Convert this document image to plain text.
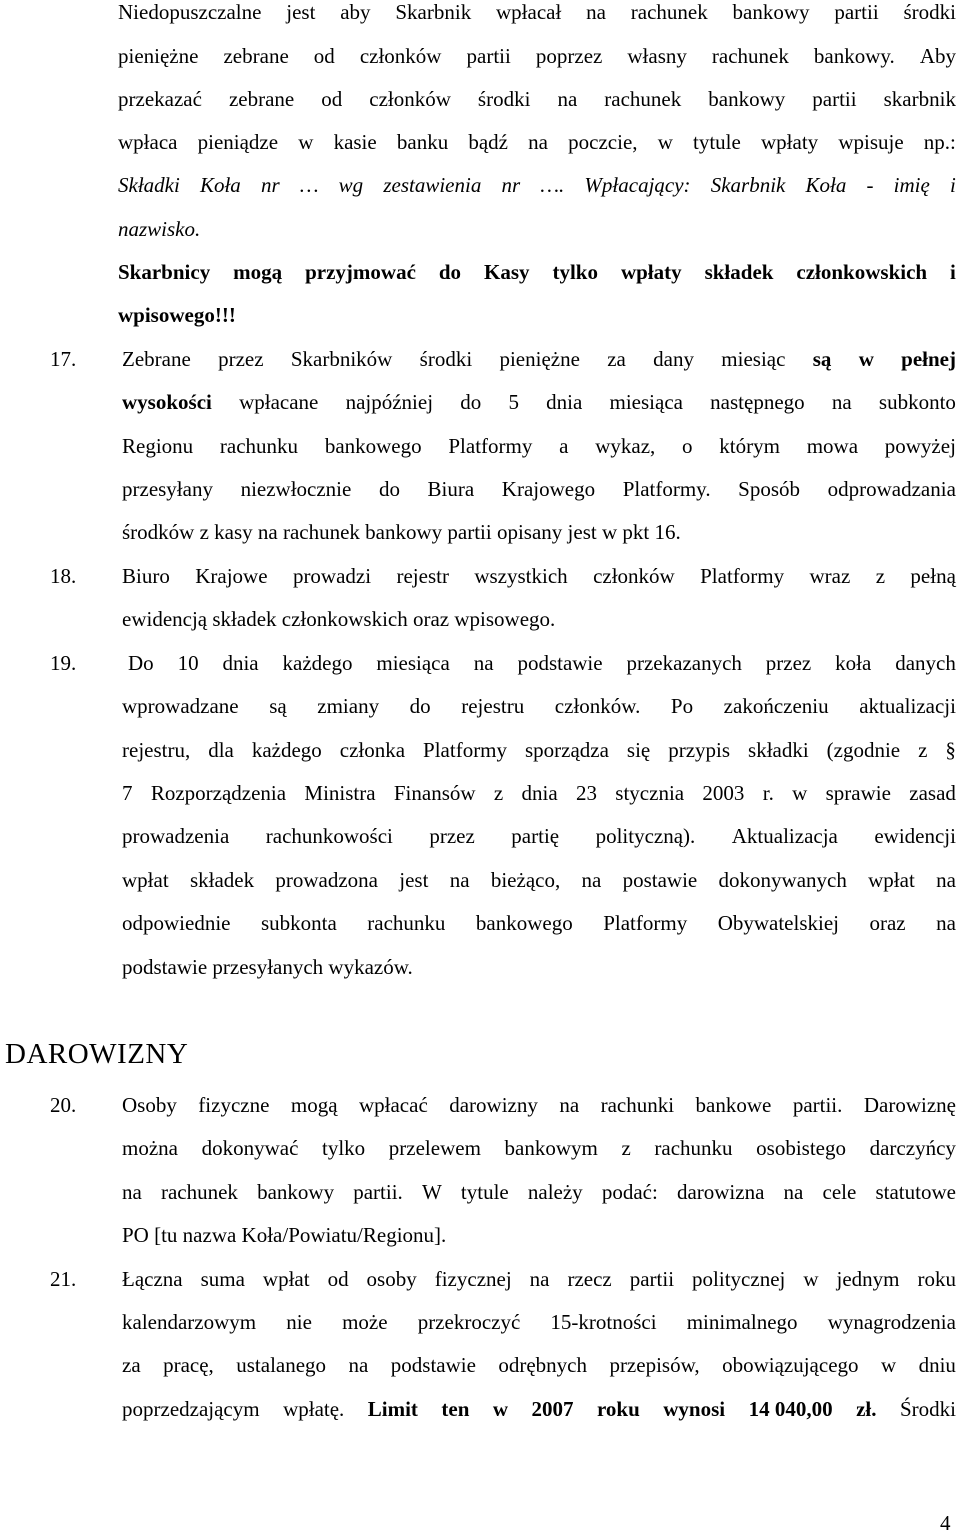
Niedopuszczalne jest aby Skarbnik wpłacał na rachunek bankowy partii środki
pieniężne zebrane od członków partii poprzez własny rachunek bankowy. Aby
przekazać zebrane od członków środki na rachunek bankowy partii skarbnik
wpłaca pieniądze w kasie banku bądź na poczcie, w tytule wpłaty wpisuje np.:
Składki Koła nr … wg zestawienia nr …. Wpłacający: Skarbnik Koła - imię i
nazwisko.
Skarbnicy mogą przyjmować do Kasy tylko wpłaty składek członkowskich i
wpisowego!!!
17. Zebrane przez Skarbników środki pieniężne za dany miesiąc są w pełnej
wysokości wpłacane najpóźniej do 5 dnia miesiąca następnego na subkonto
Regionu rachunku bankowego Platformy a wykaz, o którym mowa powyżej
przesyłany niezwłocznie do Biura Krajowego Platformy. Sposób odprowadzania
środków z kasy na rachunek bankowy partii opisany jest w pkt 16.
18. Biuro Krajowe prowadzi rejestr wszystkich członków Platformy wraz z pełną
ewidencją składek członkowskich oraz wpisowego.
19. Do 10 dnia każdego miesiąca na podstawie przekazanych przez koła danych
wprowadzane są zmiany do rejestru członków. Po zakończeniu aktualizacji
rejestru, dla każdego członka Platformy sporządza się przypis składki (zgodnie z §
7 Rozporządzenia Ministra Finansów z dnia 23 stycznia 2003 r. w sprawie zasad
prowadzenia rachunkowości przez partię polityczną). Aktualizacja ewidencji
wpłat składek prowadzona jest na bieżąco, na postawie dokonywanych wpłat na
odpowiednie subkonta rachunku bankowego Platformy Obywatelskiej oraz na
podstawie przesyłanych wykazów.
DAROWIZNY
20. Osoby fizyczne mogą wpłacać darowizny na rachunki bankowe partii. Darowiznę
można dokonywać tylko przelewem bankowym z rachunku osobistego darczyńcy
na rachunek bankowy partii. W tytule należy podać: darowizna na cele statutowe
PO [tu nazwa Koła/Powiatu/Regionu].
21. Łączna suma wpłat od osoby fizycznej na rzecz partii politycznej w jednym roku
kalendarzowym nie może przekroczyć 15-krotności minimalnego wynagrodzenia
za pracę, ustalanego na podstawie odrębnych przepisów, obowiązującego w dniu
poprzedzającym wpłatę. Limit ten w 2007 roku wynosi 14 040,00 zł. Środki
4
